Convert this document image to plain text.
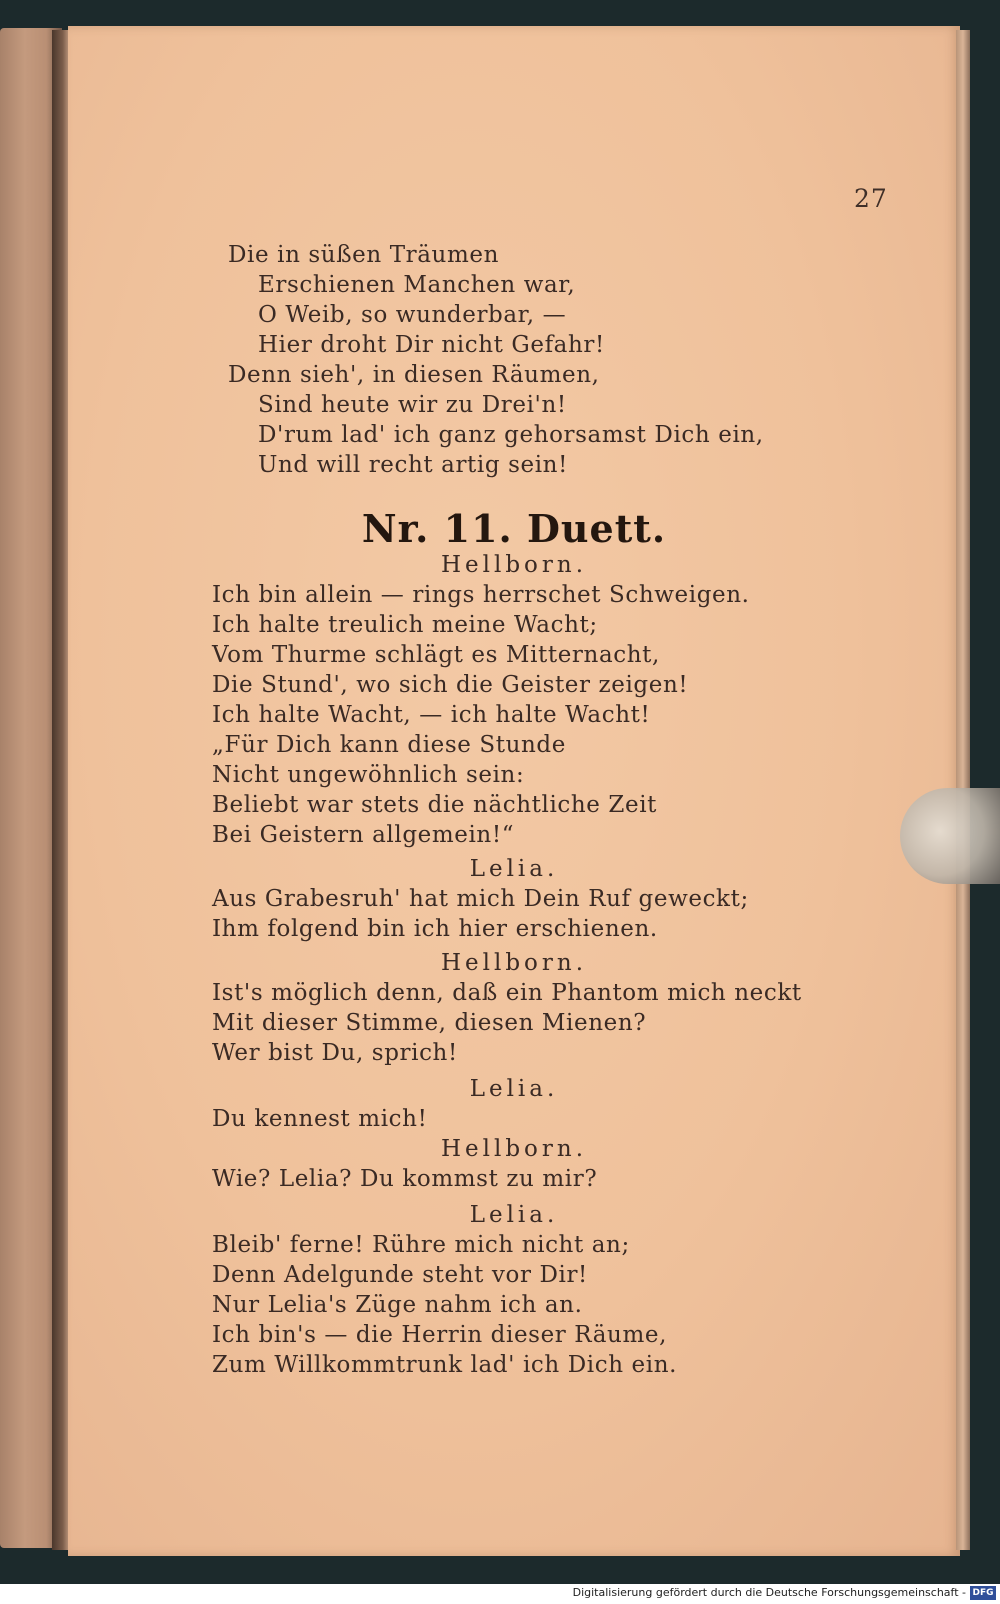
27
Die in süßen Träumen
Erschienen Manchen war,
O Weib, so wunderbar, —
Hier droht Dir nicht Gefahr!
Denn sieh', in diesen Räumen,
Sind heute wir zu Drei'n!
D'rum lad' ich ganz gehorsamst Dich ein,
Und will recht artig sein!
Nr. 11. Duett.
Hellborn.
Ich bin allein — rings herrschet Schweigen.
Ich halte treulich meine Wacht;
Vom Thurme schlägt es Mitternacht,
Die Stund', wo sich die Geister zeigen!
Ich halte Wacht, — ich halte Wacht!
„Für Dich kann diese Stunde
Nicht ungewöhnlich sein:
Beliebt war stets die nächtliche Zeit
Bei Geistern allgemein!“
Lelia.
Aus Grabesruh' hat mich Dein Ruf geweckt;
Ihm folgend bin ich hier erschienen.
Hellborn.
Ist's möglich denn, daß ein Phantom mich neckt
Mit dieser Stimme, diesen Mienen?
Wer bist Du, sprich!
Lelia.
Du kennest mich!
Hellborn.
Wie? Lelia? Du kommst zu mir?
Lelia.
Bleib' ferne! Rühre mich nicht an;
Denn Adelgunde steht vor Dir!
Nur Lelia's Züge nahm ich an.
Ich bin's — die Herrin dieser Räume,
Zum Willkommtrunk lad' ich Dich ein.
Digitalisierung gefördert durch die Deutsche Forschungsgemeinschaft - DFG
